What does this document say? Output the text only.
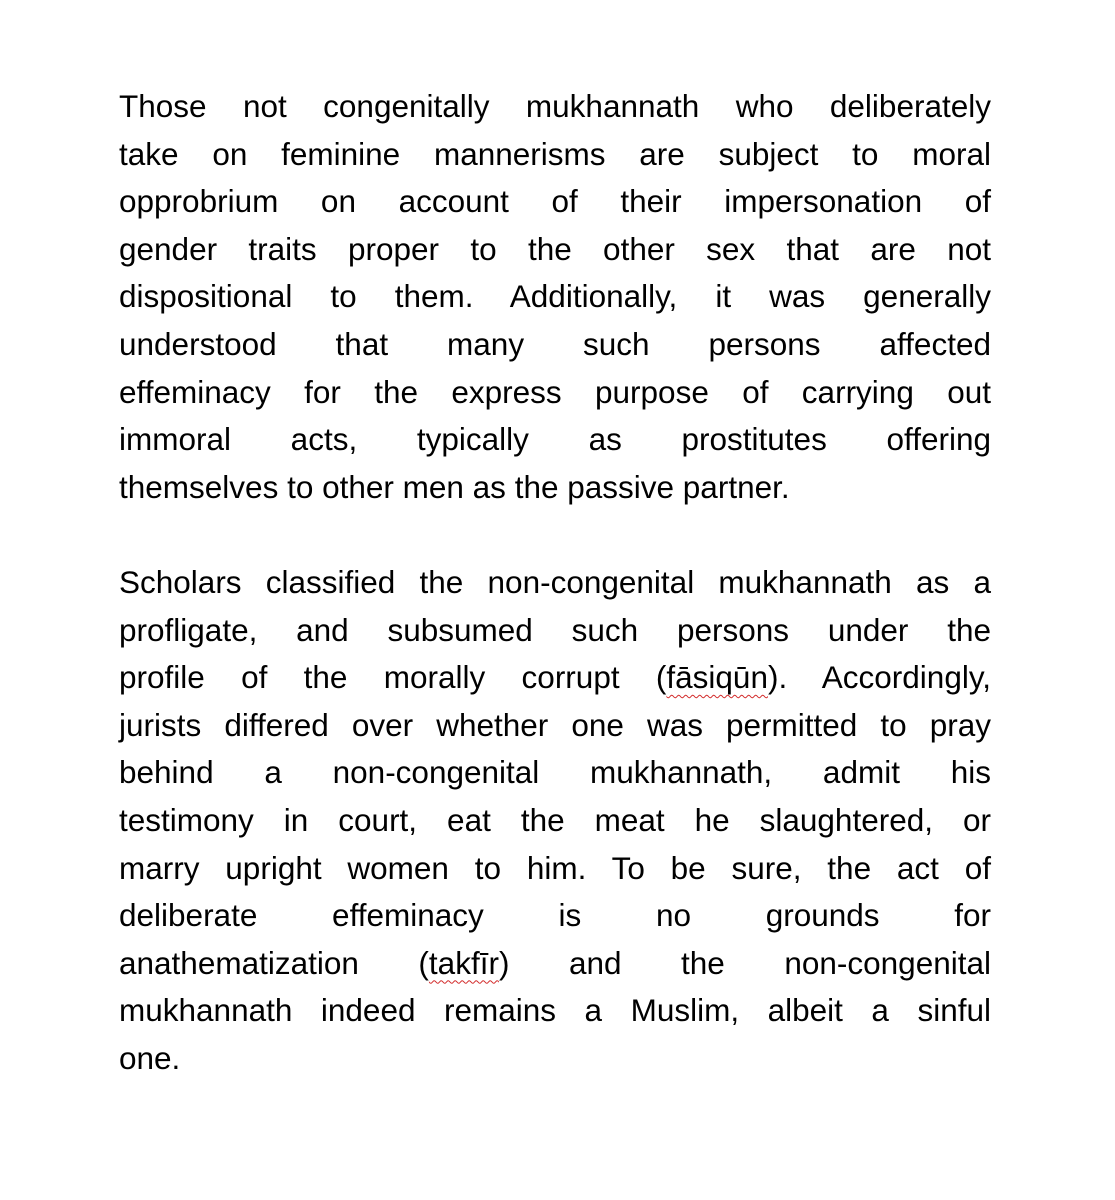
Those not congenitally mukhannath who deliberately
take on feminine mannerisms are subject to moral
opprobrium on account of their impersonation of
gender traits proper to the other sex that are not
dispositional to them. Additionally, it was generally
understood that many such persons affected
effeminacy for the express purpose of carrying out
immoral acts, typically as prostitutes offering
themselves to other men as the passive partner.

Scholars classified the non-congenital mukhannath as a
profligate, and subsumed such persons under the
profile of the morally corrupt (fāsiqūn). Accordingly,
jurists differed over whether one was permitted to pray
behind a non-congenital mukhannath, admit his
testimony in court, eat the meat he slaughtered, or
marry upright women to him. To be sure, the act of
deliberate effeminacy is no grounds for
anathematization (takfīr) and the non-congenital
mukhannath indeed remains a Muslim, albeit a sinful
one.
